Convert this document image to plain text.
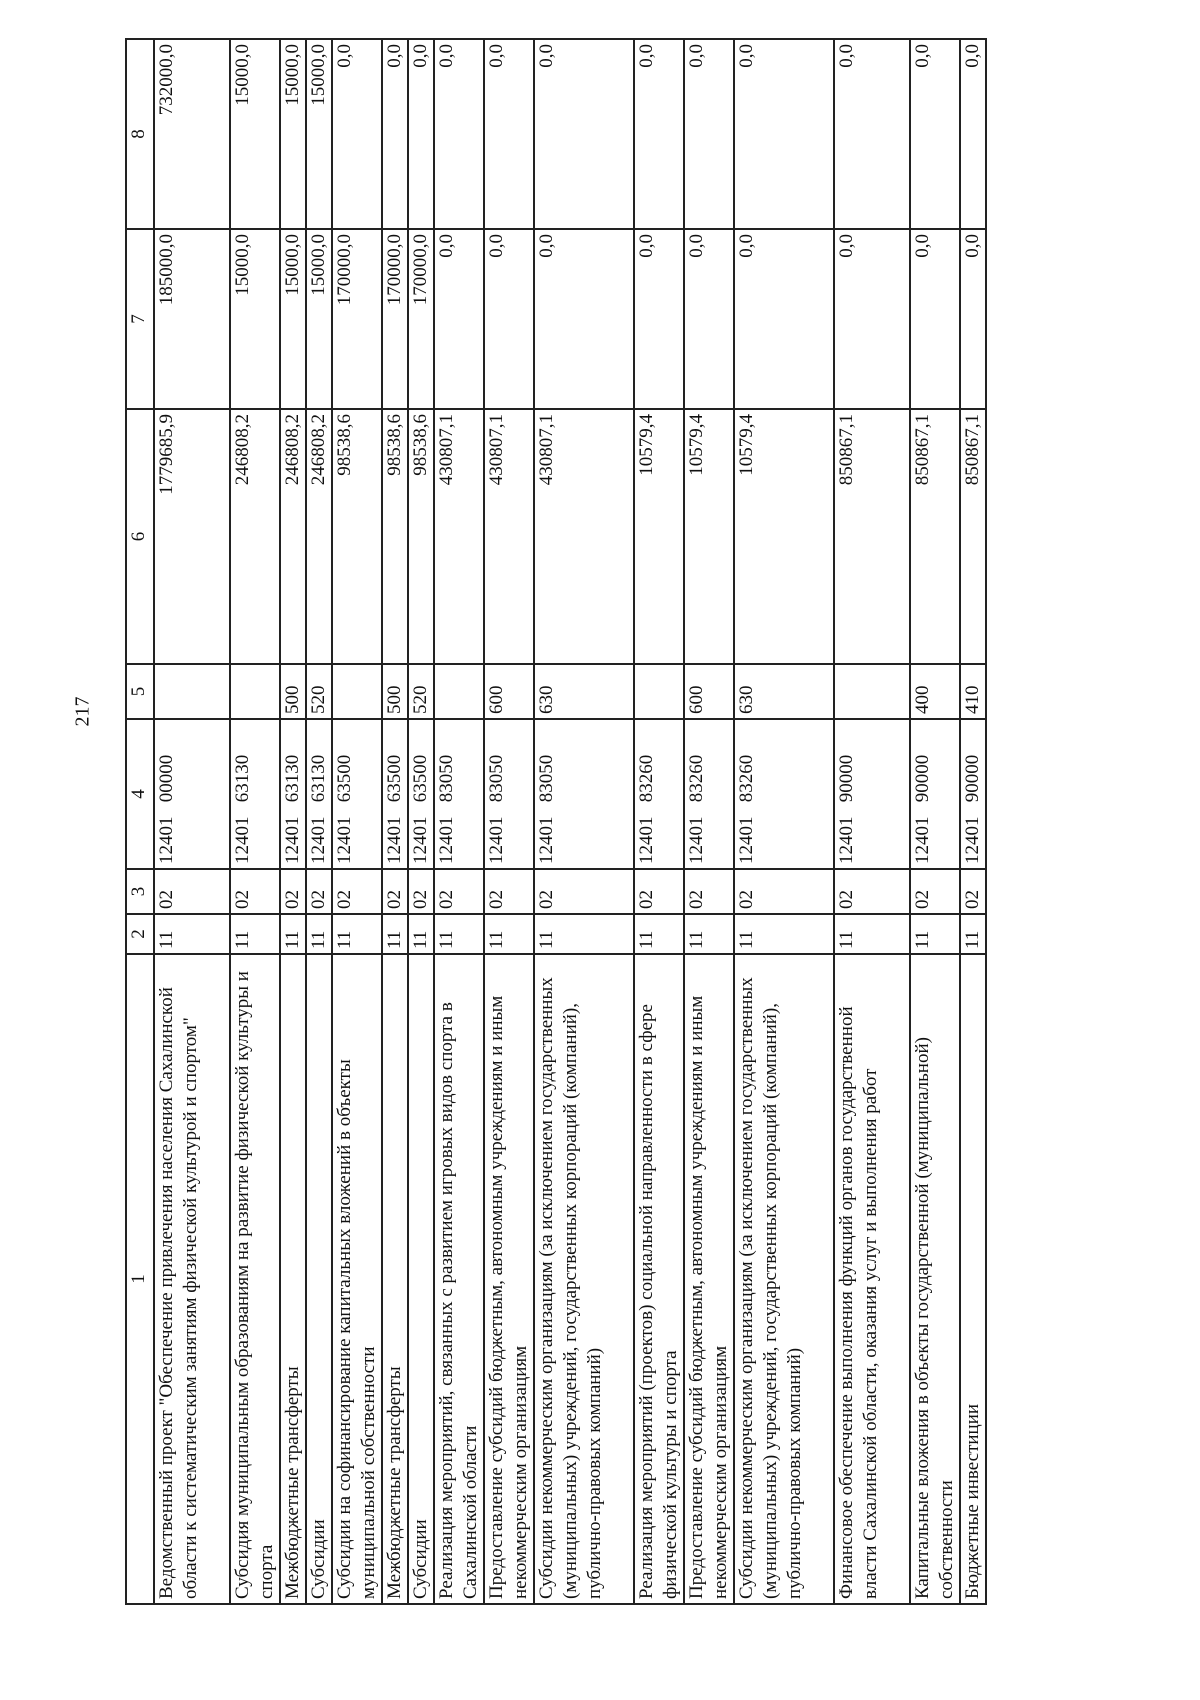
217
1	2	3	4	5	6	7	8
Ведомственный проект "Обеспечение привлечения населения Сахалинской области к систематическим занятиям физической культурой и спортом"	11	02	12401   00000		1779685,9	185000,0	732000,0
Субсидия муниципальным образованиям на развитие физической культуры и спорта	11	02	12401   63130		246808,2	15000,0	15000,0
Межбюджетные трансферты	11	02	12401   63130	500	246808,2	15000,0	15000,0
Субсидии	11	02	12401   63130	520	246808,2	15000,0	15000,0
Субсидии на софинансирование капитальных вложений в объекты муниципальной собственности	11	02	12401   63500		98538,6	170000,0	0,0
Межбюджетные трансферты	11	02	12401   63500	500	98538,6	170000,0	0,0
Субсидии	11	02	12401   63500	520	98538,6	170000,0	0,0
Реализация мероприятий, связанных с развитием игровых видов спорта в Сахалинской области	11	02	12401   83050		430807,1	0,0	0,0
Предоставление субсидий бюджетным, автономным учреждениям и иным некоммерческим организациям	11	02	12401   83050	600	430807,1	0,0	0,0
Субсидии некоммерческим организациям (за исключением государственных (муниципальных) учреждений, государственных корпораций (компаний), публично-правовых компаний)	11	02	12401   83050	630	430807,1	0,0	0,0
Реализация мероприятий (проектов) социальной направленности в сфере физической культуры и спорта	11	02	12401   83260		10579,4	0,0	0,0
Предоставление субсидий бюджетным, автономным учреждениям и иным некоммерческим организациям	11	02	12401   83260	600	10579,4	0,0	0,0
Субсидии некоммерческим организациям (за исключением государственных (муниципальных) учреждений, государственных корпораций (компаний), публично-правовых компаний)	11	02	12401   83260	630	10579,4	0,0	0,0
Финансовое обеспечение выполнения функций органов государственной власти Сахалинской области, оказания услуг и выполнения работ	11	02	12401   90000		850867,1	0,0	0,0
Капитальные вложения в объекты государственной (муниципальной) собственности	11	02	12401   90000	400	850867,1	0,0	0,0
Бюджетные инвестиции	11	02	12401   90000	410	850867,1	0,0	0,0
